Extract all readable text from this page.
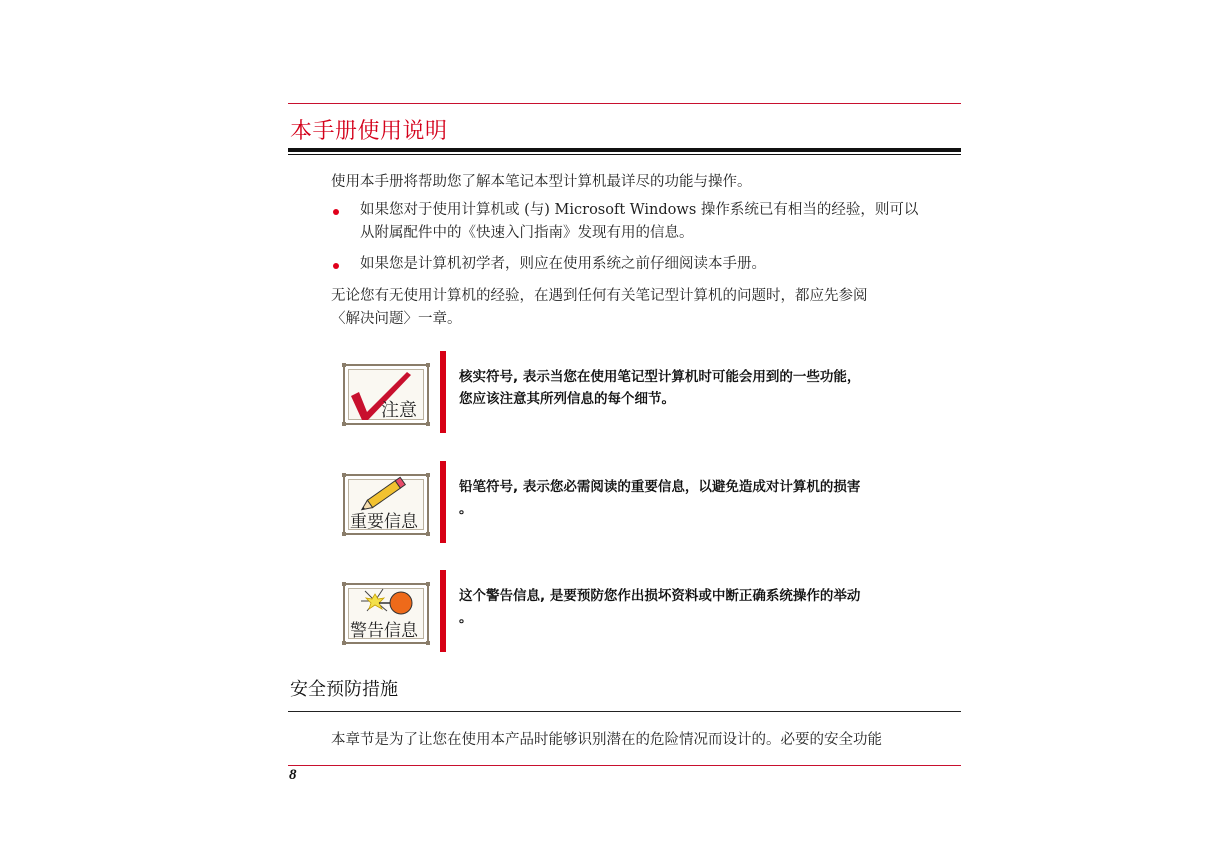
本手册使用说明
使用本手册将帮助您了解本笔记本型计算机最详尽的功能与操作。
如果您对于使用计算机或 (与) Microsoft Windows 操作系统已有相当的经验，则可以
从附属配件中的《快速入门指南》发现有用的信息。
如果您是计算机初学者，则应在使用系统之前仔细阅读本手册。
无论您有无使用计算机的经验，在遇到任何有关笔记型计算机的问题时，都应先参阅
〈解决问题〉一章。
注意
核实符号, 表示当您在使用笔记型计算机时可能会用到的一些功能，
您应该注意其所列信息的每个细节。
重要信息
铅笔符号, 表示您必需阅读的重要信息，以避免造成对计算机的损害
。
警告信息
这个警告信息, 是要预防您作出损坏资料或中断正确系统操作的举动
。
安全预防措施
本章节是为了让您在使用本产品时能够识别潜在的危险情况而设计的。必要的安全功能
8
